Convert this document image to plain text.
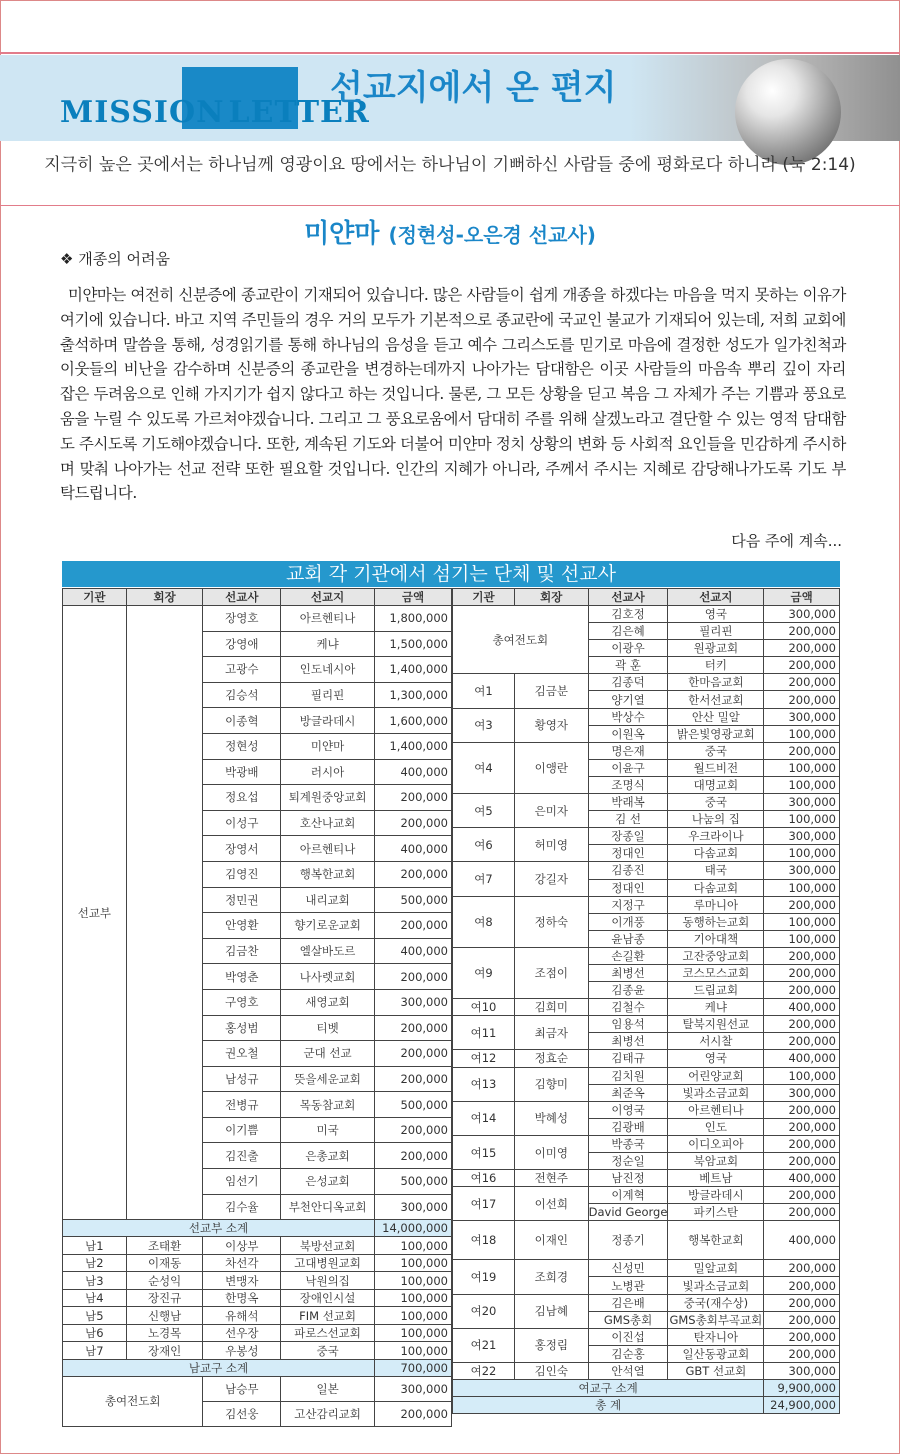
MISSION LETTER
선교지에서 온 편지
지극히 높은 곳에서는 하나님께 영광이요 땅에서는 하나님이 기뻐하신 사람들 중에 평화로다 하니라 (눅 2:14)
미얀마 (정현성-오은경 선교사)
❖ 개종의 어려움
미얀마는 여전히 신분증에 종교란이 기재되어 있습니다. 많은 사람들이 쉽게 개종을 하겠다는 마음을 먹지 못하는 이유가 여기에 있습니다. 바고 지역 주민들의 경우 거의 모두가 기본적으로 종교란에 국교인 불교가 기재되어 있는데, 저희 교회에 출석하며 말씀을 통해, 성경읽기를 통해 하나님의 음성을 듣고 예수 그리스도를 믿기로 마음에 결정한 성도가 일가친척과 이웃들의 비난을 감수하며 신분증의 종교란을 변경하는데까지 나아가는 담대함은 이곳 사람들의 마음속 뿌리 깊이 자리 잡은 두려움으로 인해 가지기가 쉽지 않다고 하는 것입니다. 물론, 그 모든 상황을 딛고 복음 그 자체가 주는 기쁨과 풍요로움을 누릴 수 있도록 가르쳐야겠습니다. 그리고 그 풍요로움에서 담대히 주를 위해 살겠노라고 결단할 수 있는 영적 담대함도 주시도록 기도해야겠습니다. 또한, 계속된 기도와 더불어 미얀마 정치 상황의 변화 등 사회적 요인들을 민감하게 주시하며 맞춰 나아가는 선교 전략 또한 필요할 것입니다. 인간의 지혜가 아니라, 주께서 주시는 지혜로 감당해나가도록 기도 부탁드립니다.
다음 주에 계속...
교회 각 기관에서 섬기는 단체 및 선교사
기관	회장	선교사	선교지	금액
선교부		장영호	아르헨티나	1,800,000
		강영애	케냐	1,500,000
		고광수	인도네시아	1,400,000
		김승석	필리핀	1,300,000
		이종혁	방글라데시	1,600,000
		정현성	미얀마	1,400,000
		박광배	러시아	400,000
		정요섭	퇴계원중앙교회	200,000
		이성구	호산나교회	200,000
		장영서	아르헨티나	400,000
		김영진	행복한교회	200,000
		정민권	내리교회	500,000
		안영환	향기로운교회	200,000
		김금찬	엘살바도르	400,000
		박영춘	나사렛교회	200,000
		구영호	새영교회	300,000
		홍성범	티벳	200,000
		권오철	군대 선교	200,000
		남성규	뜻을세운교회	200,000
		전병규	목동참교회	500,000
		이기쁨	미국	200,000
		김진출	은총교회	200,000
		임선기	은성교회	500,000
		김수율	부천안디옥교회	300,000
선교부 소계				14,000,000
남1	조태환	이상부	북방선교회	100,000
남2	이재동	차선각	고대병원교회	100,000
남3	순성익	변맹자	낙원의집	100,000
남4	장진규	한명옥	장애인시설	100,000
남5	신행남	유해석	FIM 선교회	100,000
남6	노경목	선우장	파로스선교회	100,000
남7	장재인	우봉성	중국	100,000
남교구 소계				700,000
총여전도회		남승무	일본	300,000
		김선웅	고산감리교회	200,000
기관	회장	선교사	선교지	금액
총여전도회		김호정	영국	300,000
		김은혜	필리핀	200,000
		이광우	원광교회	200,000
		곽 훈	터키	200,000
여1	김금분	김종덕	한마음교회	200,000
		양기열	한서선교회	200,000
여3	황영자	박상수	안산 밀알	300,000
		이원옥	밝은빛영광교회	100,000
여4	이앵란	명은재	중국	200,000
		이윤구	월드비전	100,000
		조명식	대명교회	100,000
여5	은미자	박래복	중국	300,000
		김 선	나눔의 집	100,000
여6	허미영	장종일	우크라이나	300,000
		정대인	다솜교회	100,000
여7	강길자	김종진	태국	300,000
		정대인	다솜교회	100,000
여8	정하숙	지정구	루마니아	200,000
		이개풍	동행하는교회	100,000
		윤남종	기아대책	100,000
여9	조점이	손길환	고잔중앙교회	200,000
		최병선	코스모스교회	200,000
		김종윤	드림교회	200,000
여10	김희미	김철수	케냐	400,000
여11	최금자	임용석	탈북지원선교	200,000
		최병선	서시찰	200,000
여12	정효순	김태규	영국	400,000
여13	김향미	김치원	어린양교회	100,000
		최준옥	빛과소금교회	300,000
여14	박혜성	이영국	아르헨티나	200,000
		김광배	인도	200,000
여15	이미영	박종국	이디오피아	200,000
		정순일	북암교회	200,000
여16	전현주	남진정	베트남	400,000
여17	이선희	이계혁	방글라데시	200,000
		David George	파키스탄	200,000
여18	이재인	정종기	행복한교회	400,000
여19	조희경	신성민	밀알교회	200,000
		노병관	빛과소금교회	200,000
여20	김남혜	김은배	중국(재수상)	200,000
		GMS총회	GMS총회부곡교회	200,000
여21	홍정림	이진섭	탄자니아	200,000
		김순홍	일산동광교회	200,000
여22	김인숙	안석열	GBT 선교회	300,000
여교구 소계				9,900,000
총 계				24,900,000
